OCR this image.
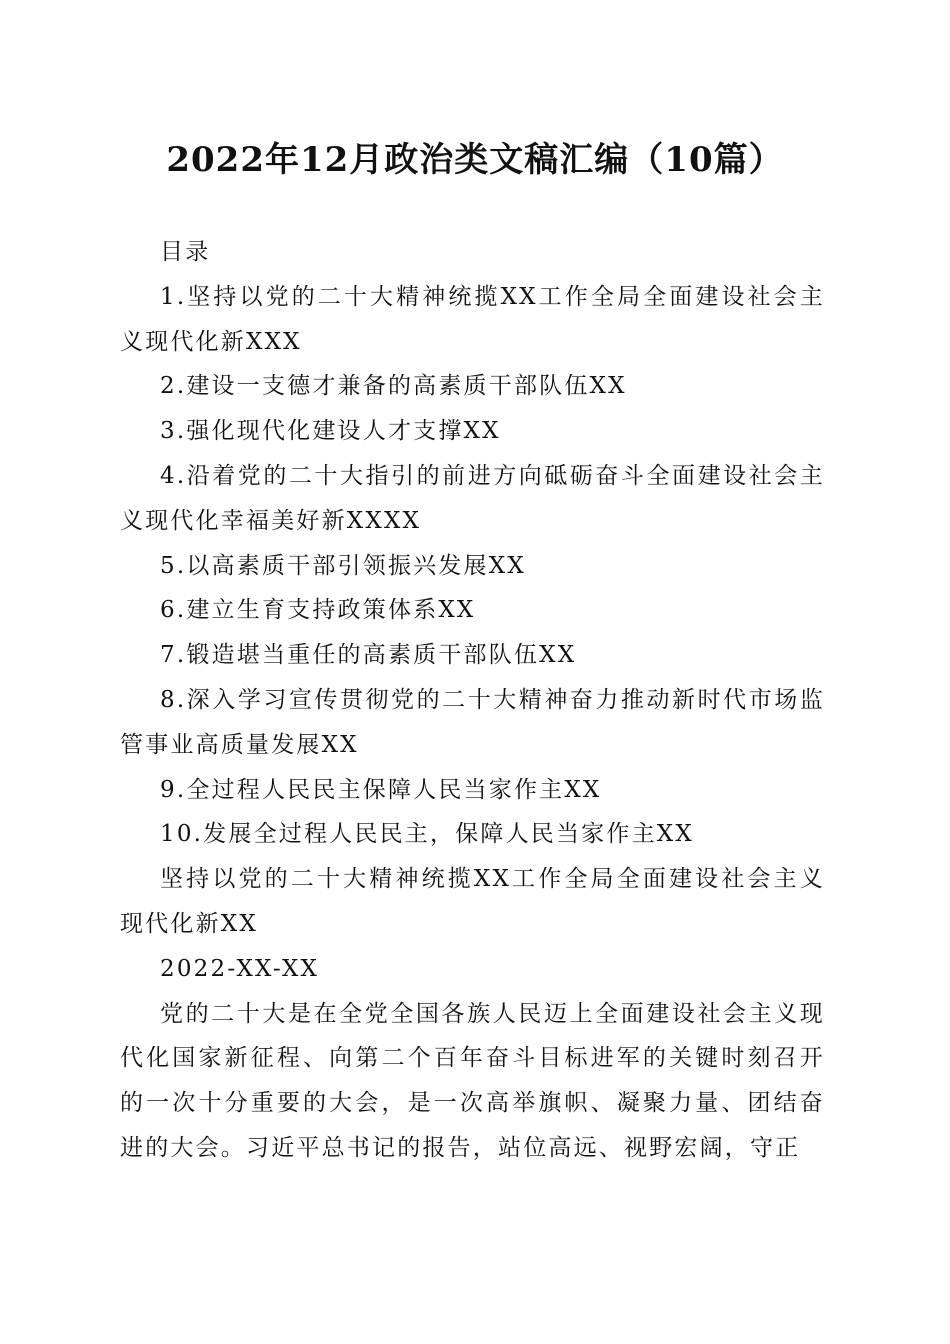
2022年12月政治类文稿汇编（10篇）

目录

1.坚持以党的二十大精神统揽XX工作全局全面建设社会主义现代化新XXX

2.建设一支德才兼备的高素质干部队伍XX

3.强化现代化建设人才支撑XX

4.沿着党的二十大指引的前进方向砥砺奋斗全面建设社会主义现代化幸福美好新XXXX

5.以高素质干部引领振兴发展XX

6.建立生育支持政策体系XX

7.锻造堪当重任的高素质干部队伍XX

8.深入学习宣传贯彻党的二十大精神奋力推动新时代市场监管事业高质量发展XX

9.全过程人民民主保障人民当家作主XX

10.发展全过程人民民主，保障人民当家作主XX

坚持以党的二十大精神统揽XX工作全局全面建设社会主义现代化新XX

2022-XX-XX

党的二十大是在全党全国各族人民迈上全面建设社会主义现代化国家新征程、向第二个百年奋斗目标进军的关键时刻召开的一次十分重要的大会，是一次高举旗帜、凝聚力量、团结奋进的大会。习近平总书记的报告，站位高远、视野宏阔，守正
